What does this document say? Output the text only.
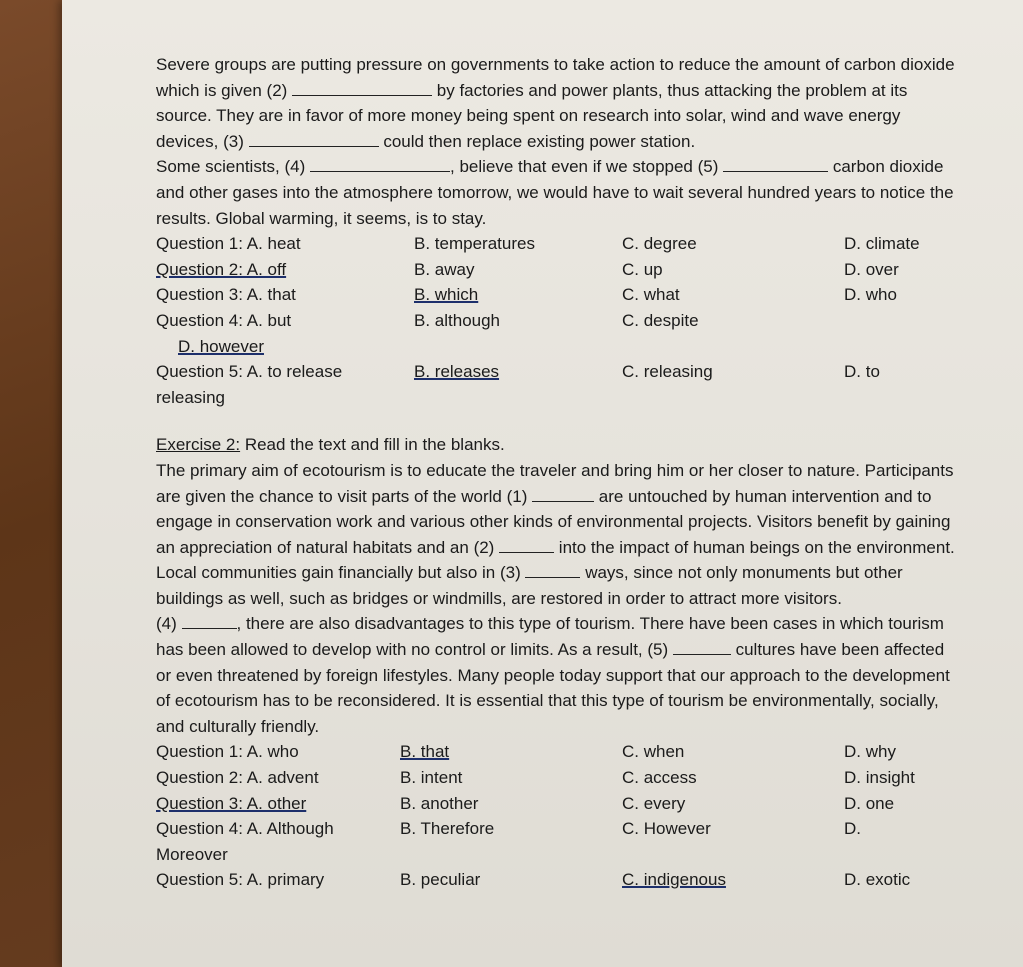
Severe groups are putting pressure on governments to take action to reduce the amount of carbon dioxide which is given (2)	by factories and power plants, thus attacking the problem at its source. They are in favor of more money being spent on research into solar, wind and wave energy devices, (3)	could then replace existing power station.

Some scientists, (4)	, believe that even if we stopped (5)	carbon dioxide and other gases into the atmosphere tomorrow, we would have to wait several hundred years to notice the results. Global warming, it seems, is to stay.

Question 1: A. heat	B. temperatures	C. degree	D. climate
Question 2: A. off	B. away	C. up	D. over
Question 3: A. that	B. which	C. what	D. who
Question 4: A. but	B. although	C. despite
D. however
Question 5: A. to release	B. releases	C. releasing	D. to
releasing
Exercise 2: Read the text and fill in the blanks.

The primary aim of ecotourism is to educate the traveler and bring him or her closer to nature. Participants are given the chance to visit parts of the world (1)	are untouched by human intervention and to engage in conservation work and various other kinds of environmental projects. Visitors benefit by gaining an appreciation of natural habitats and an (2)	into the impact of human beings on the environment. Local communities gain financially but also in (3)	ways, since not only monuments but other buildings as well, such as bridges or windmills, are restored in order to attract more visitors.

(4)	, there are also disadvantages to this type of tourism. There have been cases in which tourism has been allowed to develop with no control or limits. As a result, (5)	cultures have been affected or even threatened by foreign lifestyles. Many people today support that our approach to the development of ecotourism has to be reconsidered. It is essential that this type of tourism be environmentally, socially, and culturally friendly.

Question 1: A. who	B. that	C. when	D. why
Question 2: A. advent	B. intent	C. access	D. insight
Question 3: A. other	B. another	C. every	D. one
Question 4: A. Although	B. Therefore	C. However	D.
Moreover
Question 5: A. primary	B. peculiar	C. indigenous	D. exotic
